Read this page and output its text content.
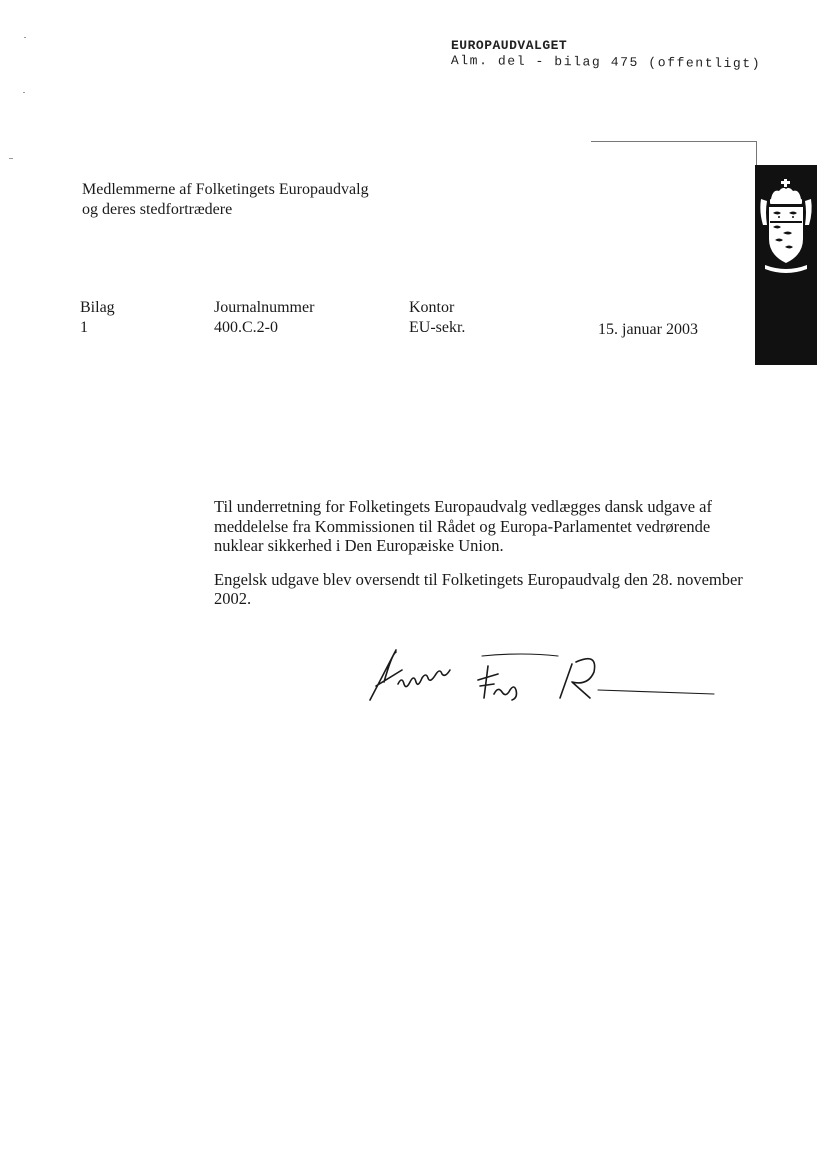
EUROPAUDVALGET
Alm. del - bilag 475 (offentligt)
Medlemmerne af Folketingets Europaudvalg
og deres stedfortrædere
Bilag
1
Journalnummer
400.C.2-0
Kontor
EU-sekr.	15. januar 2003

Til underretning for Folketingets Europaudvalg vedlægges dansk udgave af meddelelse fra Kommissionen til Rådet og Europa-Parlamentet vedrørende nuklear sikkerhed i Den Europæiske Union.

Engelsk udgave blev oversendt til Folketingets Europaudvalg den 28. november 2002.
